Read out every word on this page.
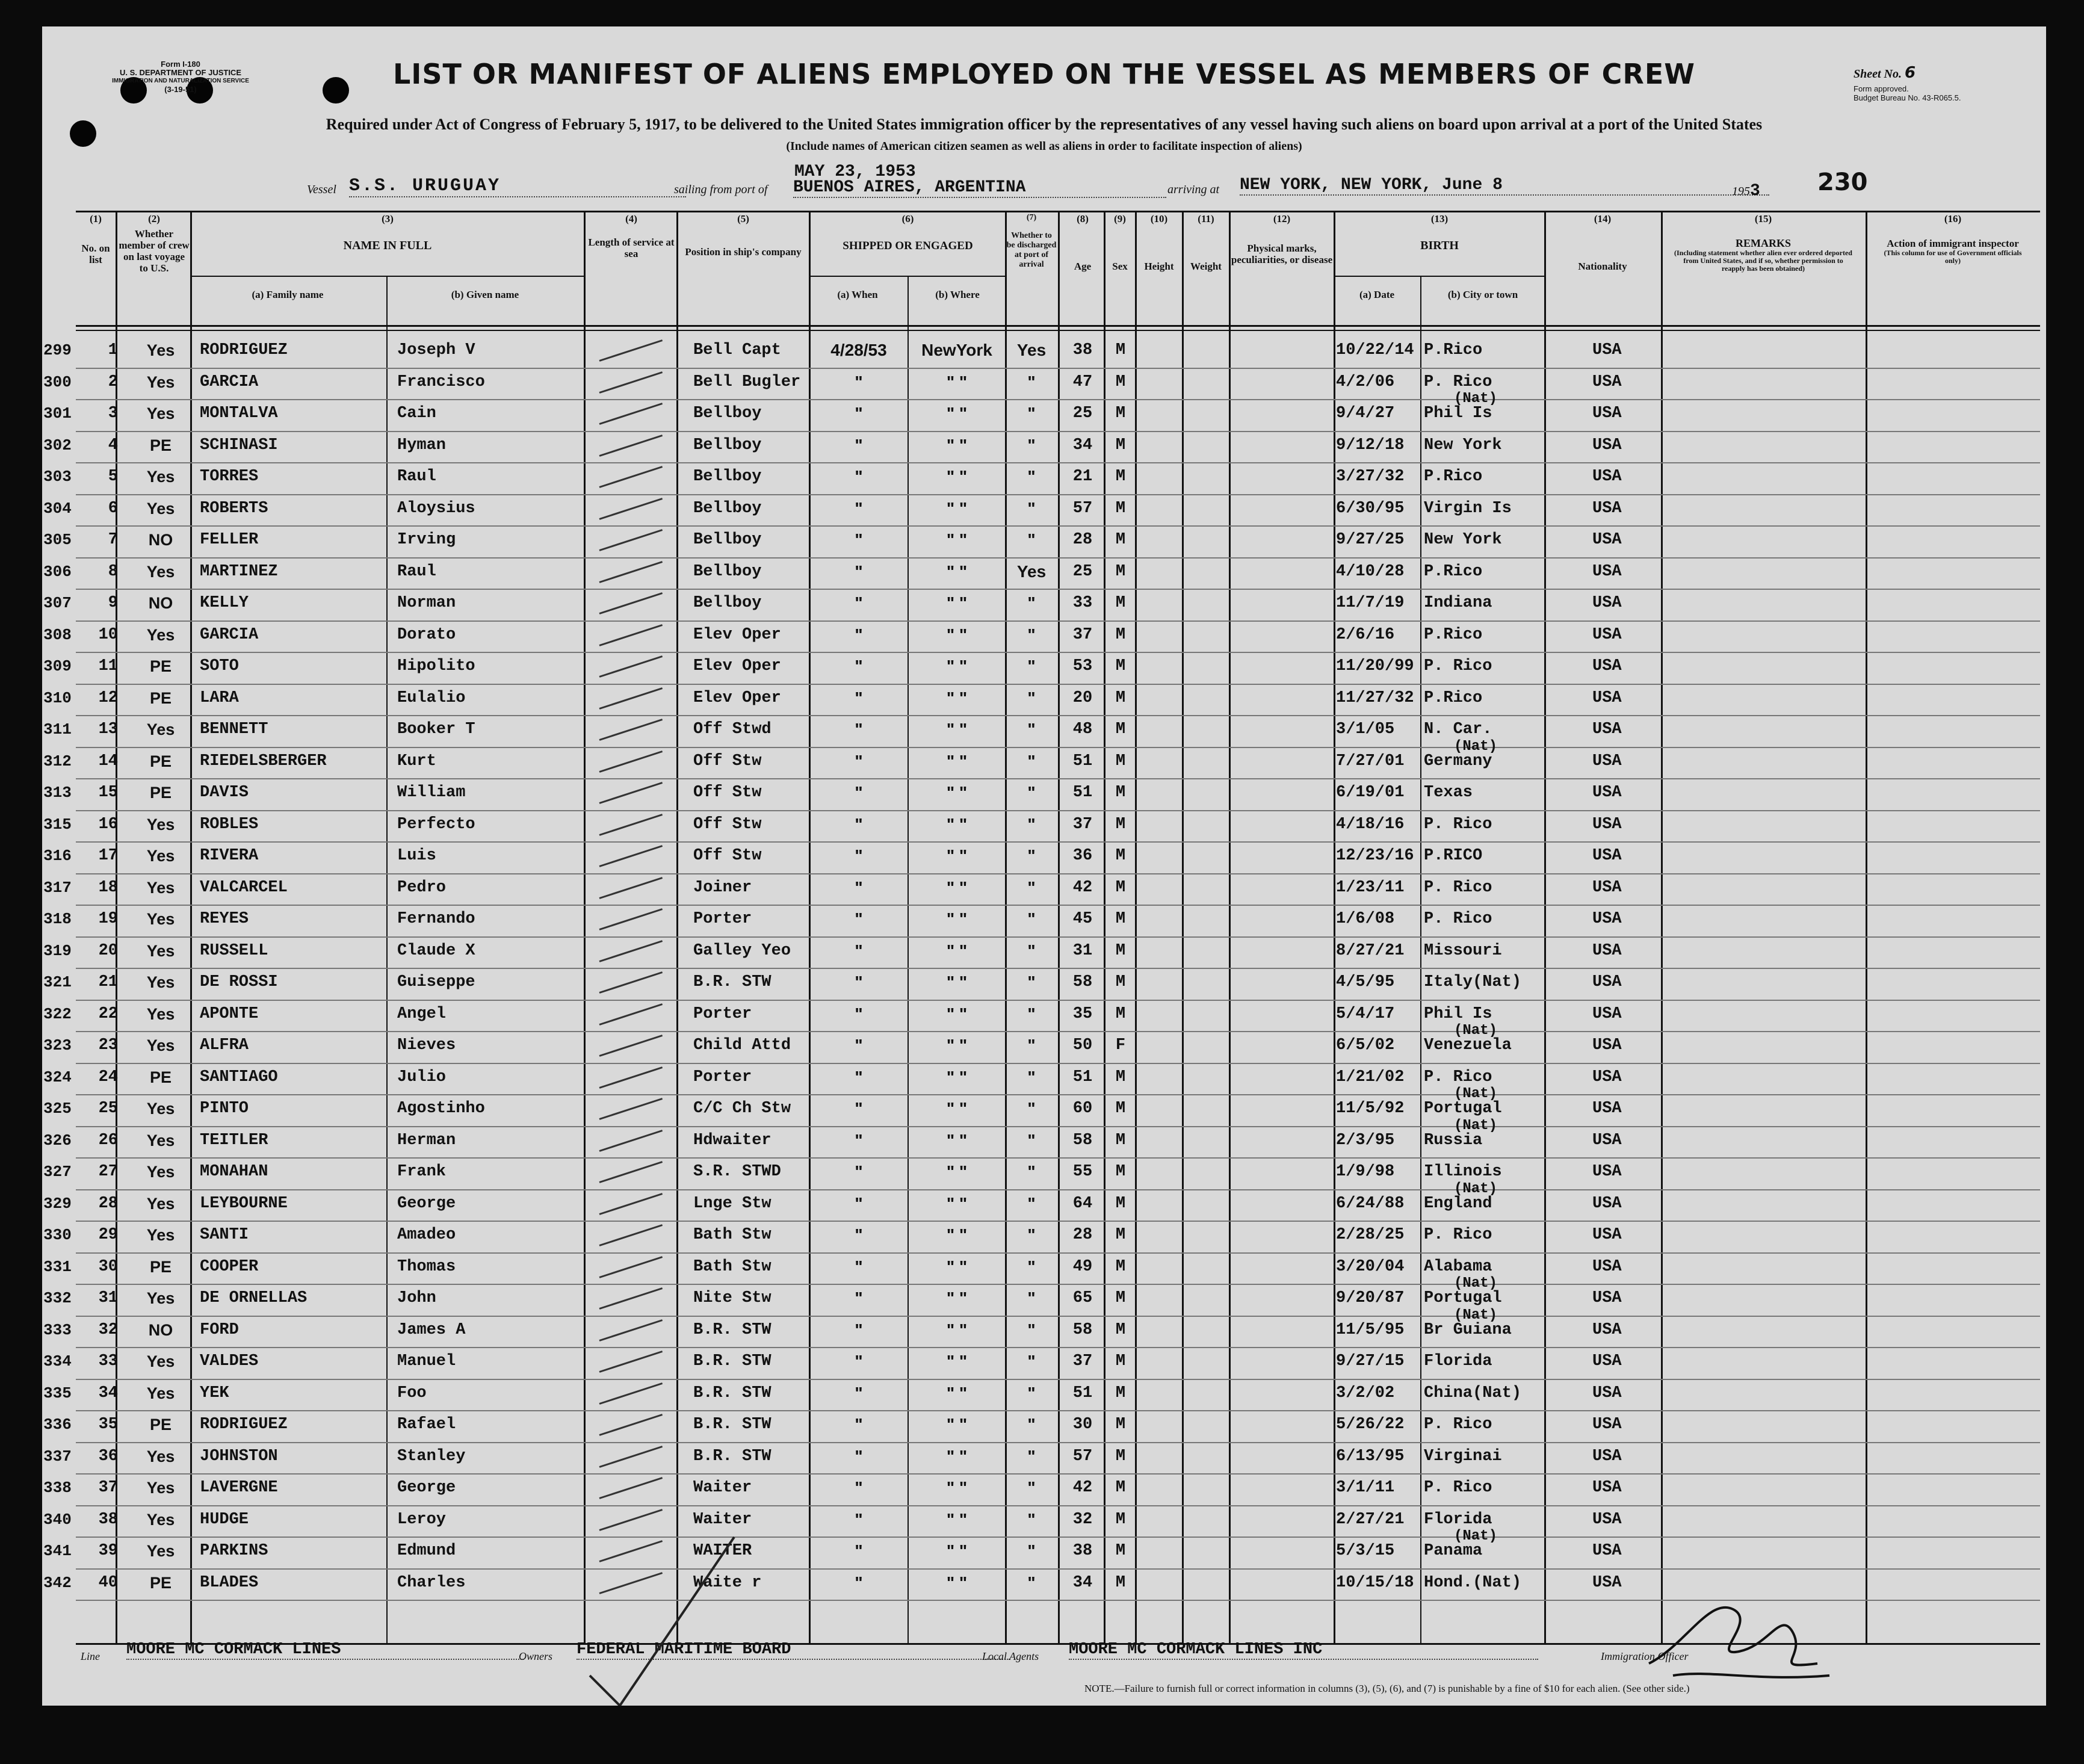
Form I-180
U. S. DEPARTMENT OF JUSTICE
IMMIGRATION AND NATURALIZATION SERVICE
(3-19-51)	LIST OR MANIFEST OF ALIENS EMPLOYED ON THE VESSEL AS MEMBERS OF CREW	Sheet No. 6
Form approved.
Budget Bureau No. 43-R065.5.
Required under Act of Congress of February 5, 1917, to be delivered to the United States immigration officer by the representatives of any vessel having such aliens on board upon arrival at a port of the United States
(Include names of American citizen seamen as well as aliens in order to facilitate inspection of aliens)
Vessel S.S. URUGUAY	sailing from port of
MAY 23, 1953
BUENOS AIRES, ARGENTINA	arriving at NEW YORK, NEW YORK, June 8	1953 230
(1)
No. on list
(2)
Whether member of crew on last voyage to U.S.
(3)
NAME IN FULL
(a) Family name	(b) Given name
(4)
Length of service at sea
(5)
Position in ship's company
(6)
SHIPPED OR ENGAGED
(a) When	(b) Where
(7)
Whether to be discharged at port of arrival
(8)
Age
(9)
Sex
(10)
Height
(11)
Weight
(12)
Physical marks, peculiarities, or disease
(13)
BIRTH
(a) Date	(b) City or town
(14)
Nationality
(15)
REMARKS
(Including statement whether alien ever ordered deported from United States, and if so, whether permission to reapply has been obtained)
(16)
Action of immigrant inspector
(This column for use of Government officials only)
299	1	Yes	RODRIGUEZ	Joseph V	Bell Capt	4/28/53	NewYork	Yes	38	M	10/22/14 P.Rico	USA
300	2	Yes	GARCIA	Francisco	Bell Bugler	"	" "	"	47	M	4/2/06	P. Rico	USA
301	3	Yes	MONTALVA	Cain	Bellboy	"	" "	"	25	M	9/4/27	Phil Is	USA
(Nat)
302	4	PE	SCHINASI	Hyman	Bellboy	"	" "	"	34	M	9/12/18	New York	USA
303	5	Yes	TORRES	Raul	Bellboy	"	" "	"	21	M	3/27/32	P.Rico	USA
304	6	Yes	ROBERTS	Aloysius	Bellboy	"	" "	"	57	M	6/30/95	Virgin Is	USA
305	7	NO	FELLER	Irving	Bellboy	"	" "	"	28	M	9/27/25	New York	USA
306	8	Yes	MARTINEZ	Raul	Bellboy	"	" "	Yes	25	M	4/10/28	P.Rico	USA
307	9	NO	KELLY	Norman	Bellboy	"	" "	"	33	M	11/7/19	Indiana	USA
308	10	Yes	GARCIA	Dorato	Elev Oper	"	" "	"	37	M	2/6/16	P.Rico	USA
309	11	PE	SOTO	Hipolito	Elev Oper	"	" "	"	53	M	11/20/99 P. Rico	USA
310	12	PE	LARA	Eulalio	Elev Oper	"	" "	"	20	M	11/27/32 P.Rico	USA
311	13	Yes	BENNETT	Booker T	Off Stwd	"	" "	"	48	M	3/1/05	N. Car.	USA
312	14	PE	RIEDELSBERGER	Kurt	Off Stw	"	" "	"	51	M	7/27/01	Germany	USA
(Nat)
313	15	PE	DAVIS	William	Off Stw	"	" "	"	51	M	6/19/01	Texas	USA
315	16	Yes	ROBLES	Perfecto	Off Stw	"	" "	"	37	M	4/18/16	P. Rico	USA
316	17	Yes	RIVERA	Luis	Off Stw	"	" "	"	36	M	12/23/16 P.RICO	USA
317	18	Yes	VALCARCEL	Pedro	Joiner	"	" "	"	42	M	1/23/11	P. Rico	USA
318	19	Yes	REYES	Fernando	Porter	"	" "	"	45	M	1/6/08	P. Rico	USA
319	20	Yes	RUSSELL	Claude X	Galley Yeo	"	" "	"	31	M	8/27/21	Missouri	USA
321	21	Yes	DE ROSSI	Guiseppe	B.R. STW	"	" "	"	58	M	4/5/95	Italy(Nat)	USA
322	22	Yes	APONTE	Angel	Porter	"	" "	"	35	M	5/4/17	Phil Is	USA
323	23	Yes	ALFRA	Nieves	Child Attd	"	" "	"	50	F	6/5/02	Venezuela	USA
(Nat)
324	24	PE	SANTIAGO	Julio	Porter	"	" "	"	51	M	1/21/02	P. Rico	USA
325	25	Yes	PINTO	Agostinho	C/C Ch Stw	"	" "	"	60	M	11/5/92	Portugal	USA
(Nat)
326	26	Yes	TEITLER	Herman	Hdwaiter	"	" "	"	58	M	2/3/95	Russia	USA
(Nat)
327	27	Yes	MONAHAN	Frank	S.R. STWD	"	" "	"	55	M	1/9/98	Illinois	USA
329	28	Yes	LEYBOURNE	George	Lnge Stw	"	" "	"	64	M	6/24/88	England	USA
(Nat)
330	29	Yes	SANTI	Amadeo	Bath Stw	"	" "	"	28	M	2/28/25	P. Rico	USA
331	30	PE	COOPER	Thomas	Bath Stw	"	" "	"	49	M	3/20/04	Alabama	USA
332	31	Yes	DE ORNELLAS	John	Nite Stw	"	" "	"	65	M	9/20/87	Portugal	USA
(Nat)
333	32	NO	FORD	James A	B.R. STW	"	" "	"	58	M	11/5/95	Br Guiana	USA
(Nat)
334	33	Yes	VALDES	Manuel	B.R. STW	"	" "	"	37	M	9/27/15	Florida	USA
335	34	Yes	YEK	Foo	B.R. STW	"	" "	"	51	M	3/2/02	China(Nat)	USA
336	35	PE	RODRIGUEZ	Rafael	B.R. STW	"	" "	"	30	M	5/26/22	P. Rico	USA
337	36	Yes	JOHNSTON	Stanley	B.R. STW	"	" "	"	57	M	6/13/95	Virginai	USA
338	37	Yes	LAVERGNE	George	Waiter	"	" "	"	42	M	3/1/11	P. Rico	USA
340	38	Yes	HUDGE	Leroy	Waiter	"	" "	"	32	M	2/27/21	Florida	USA
341	39	Yes	PARKINS	Edmund	WAITER	"	" "	"	38	M	5/3/15	Panama	USA
(Nat)
342	40	PE	BLADES	Charles	Waite r	"	" "	"	34	M	10/15/18 Hond.(Nat)	USA
Line MOORE MC CORMACK LINES	Owners FEDERAL MARITIME BOARD	Local Agents MOORE MC CORMACK LINES INC	Immigration Officer
NOTE.—Failure to furnish full or correct information in columns (3), (5), (6), and (7) is punishable by a fine of $10 for each alien. (See other side.)
